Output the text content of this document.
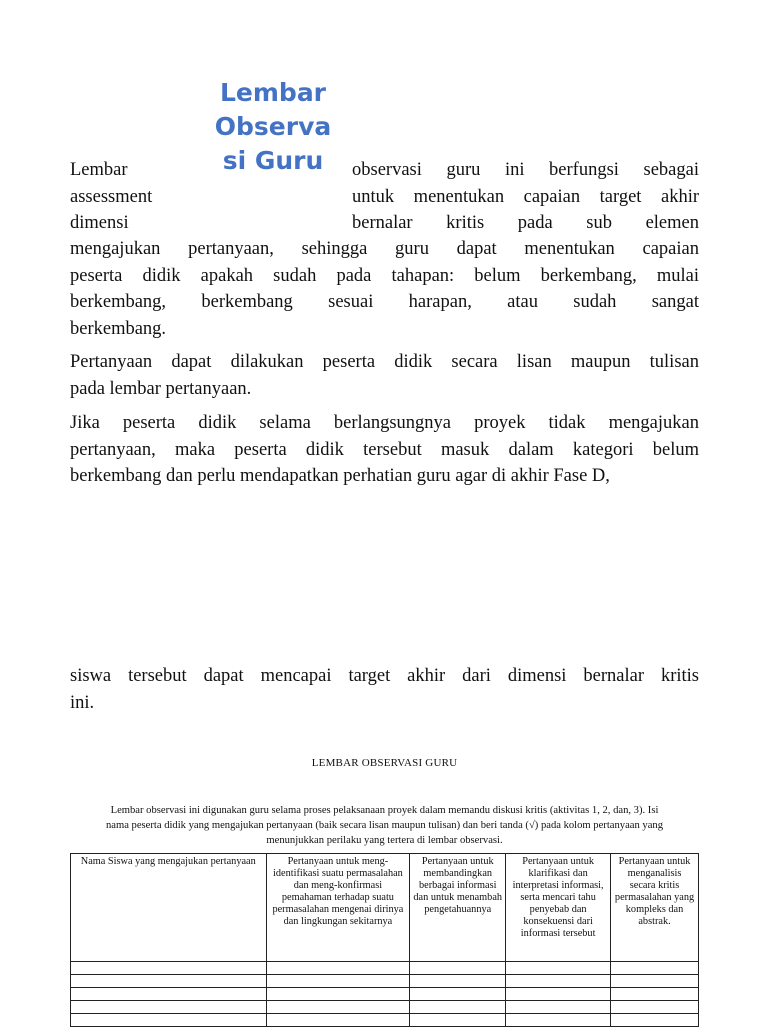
Lembar
Observa
si Guru
Lembar
assessment
dimensi
observasi guru ini berfungsi sebagai
untuk menentukan capaian target akhir
bernalar kritis pada sub elemen
mengajukan pertanyaan, sehingga guru dapat menentukan capaian
peserta didik apakah sudah pada tahapan: belum berkembang, mulai
berkembang, berkembang sesuai harapan, atau sudah sangat
berkembang.
Pertanyaan dapat dilakukan peserta didik secara lisan maupun tulisan
pada lembar pertanyaan.
Jika peserta didik selama berlangsungnya proyek tidak mengajukan
pertanyaan, maka peserta didik tersebut masuk dalam kategori belum
berkembang dan perlu mendapatkan perhatian guru agar di akhir Fase D,
siswa tersebut dapat mencapai target akhir dari dimensi bernalar kritis
ini.
LEMBAR OBSERVASI GURU
Lembar observasi ini digunakan guru selama proses pelaksanaan proyek dalam memandu diskusi kritis (aktivitas 1, 2, dan, 3). Isi
nama peserta didik yang mengajukan pertanyaan (baik secara lisan maupun tulisan) dan beri tanda (√) pada kolom pertanyaan yang
menunjukkan perilaku yang tertera di lembar observasi.
Nama Siswa yang mengajukan pertanyaan	Pertanyaan untuk meng-identifikasi suatu permasalahan dan meng-konfirmasi pemahaman terhadap suatu permasalahan mengenai dirinya dan lingkungan sekitarnya	Pertanyaan untuk membandingkan berbagai informasi dan untuk menambah pengetahuannya	Pertanyaan untuk klarifikasi dan interpretasi informasi, serta mencari tahu penyebab dan konsekuensi dari informasi tersebut	Pertanyaan untuk menganalisis secara kritis permasalahan yang kompleks dan abstrak.
